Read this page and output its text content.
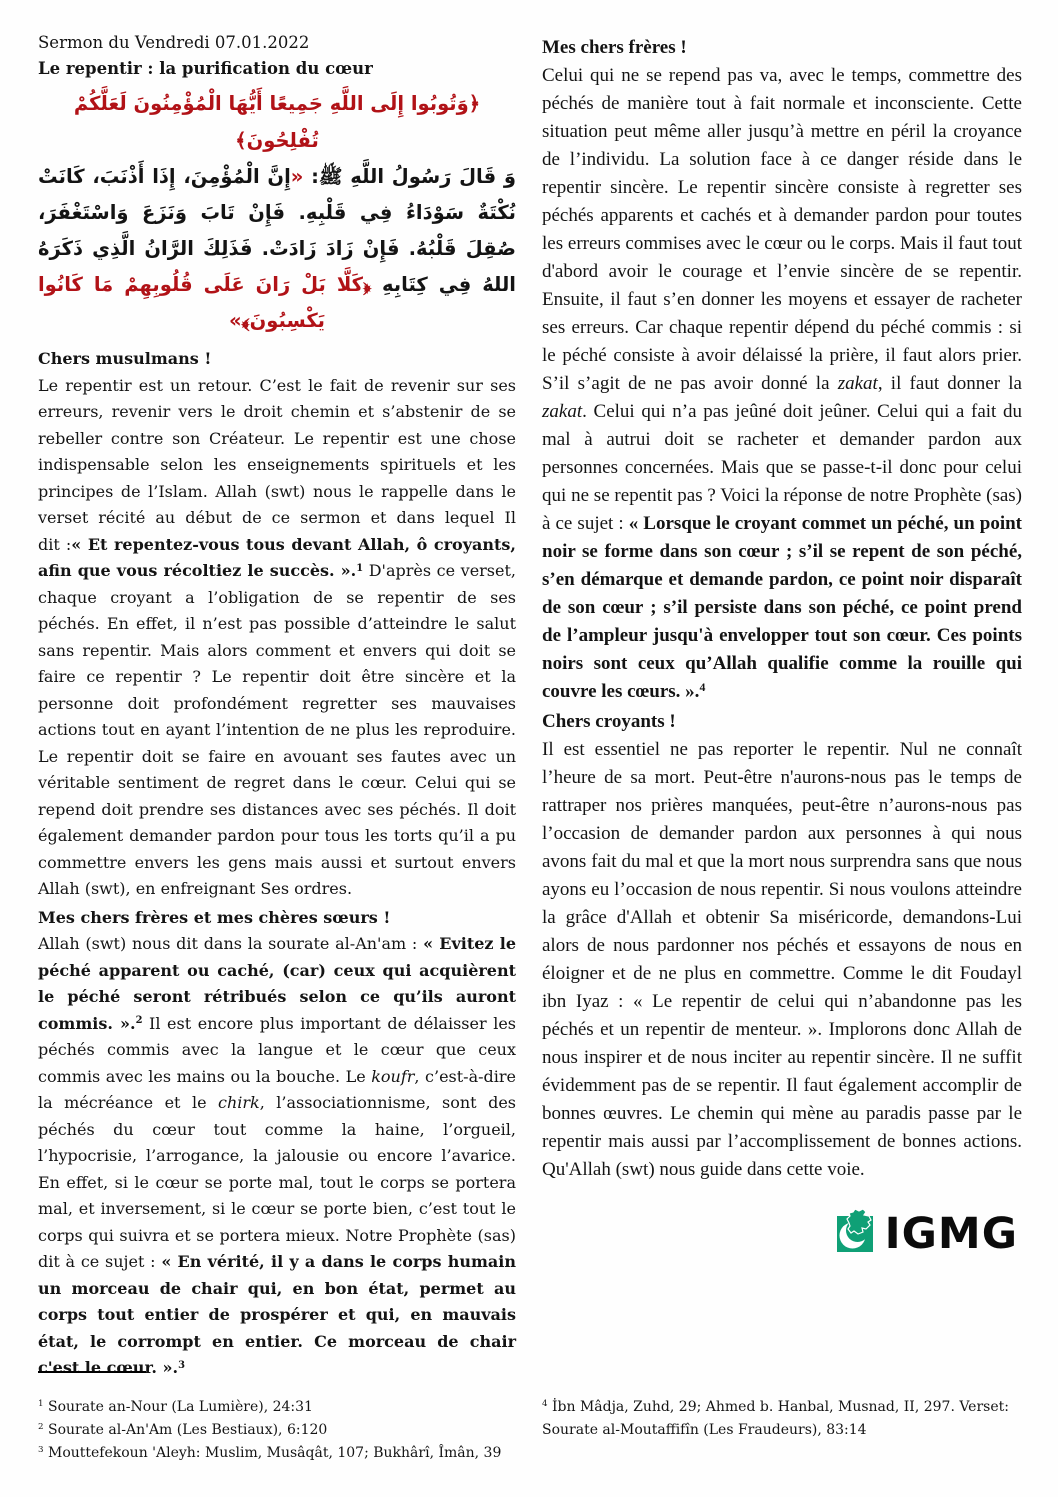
Sermon du Vendredi 07.01.2022
Le repentir : la purification du cœur
﴿وَتُوبُوا إِلَى اللَّهِ جَمِيعًا أَيُّهَا الْمُؤْمِنُونَ لَعَلَّكُمْ تُفْلِحُونَ﴾
وَ قَالَ رَسُولُ اللَّهِ ﷺ: «إِنَّ الْمُؤْمِنَ، إِذَا أَذْنَبَ، كَانَتْ نُكْتَةٌ سَوْدَاءُ فِي قَلْبِهِ. فَإِنْ تَابَ وَنَزَعَ وَاسْتَغْفَرَ، صُقِلَ قَلْبُهُ. فَإِنْ زَادَ زَادَتْ. فَذَلِكَ الرَّانُ الَّذِي ذَكَرَهُ اللهُ فِي كِتَابِهِ ﴿كَلَّا بَلْ رَانَ عَلَى قُلُوبِهِمْ مَا كَانُوا يَكْسِبُونَ﴾»
Chers musulmans !

Le repentir est un retour. C’est le fait de revenir sur ses erreurs, revenir vers le droit chemin et s’abstenir de se rebeller contre son Créateur. Le repentir est une chose indispensable selon les enseignements spirituels et les principes de l’Islam. Allah (swt) nous le rappelle dans le verset récité au début de ce sermon et dans lequel Il dit :« Et repentez-vous tous devant Allah, ô croyants, afin que vous récoltiez le succès. ».$^1$ D'après ce verset, chaque croyant a l’obligation de se repentir de ses péchés. En effet, il n’est pas possible d’atteindre le salut sans repentir. Mais alors comment et envers qui doit se faire ce repentir ? Le repentir doit être sincère et la personne doit profondément regretter ses mauvaises actions tout en ayant l’intention de ne plus les reproduire. Le repentir doit se faire en avouant ses fautes avec un véritable sentiment de regret dans le cœur. Celui qui se repend doit prendre ses distances avec ses péchés. Il doit également demander pardon pour tous les torts qu’il a pu commettre envers les gens mais aussi et surtout envers Allah (swt), en enfreignant Ses ordres.

Mes chers frères et mes chères sœurs !

Allah (swt) nous dit dans la sourate al-An'am : « Evitez le péché apparent ou caché, (car) ceux qui acquièrent le péché seront rétribués selon ce qu’ils auront commis. ».$^2$ Il est encore plus important de délaisser les péchés commis avec la langue et le cœur que ceux commis avec les mains ou la bouche. Le koufr, c’est-à-dire la mécréance et le chirk, l’associationnisme, sont des péchés du cœur tout comme la haine, l’orgueil, l’hypocrisie, l’arrogance, la jalousie ou encore l’avarice. En effet, si le cœur se porte mal, tout le corps se portera mal, et inversement, si le cœur se porte bien, c’est tout le corps qui suivra et se portera mieux. Notre Prophète (sas) dit à ce sujet : « En vérité, il y a dans le corps humain un morceau de chair qui, en bon état, permet au corps tout entier de prospérer et qui, en mauvais état, le corrompt en entier. Ce morceau de chair c'est le cœur. ».$^3$

Mes chers frères !

Celui qui ne se repend pas va, avec le temps, commettre des péchés de manière tout à fait normale et inconsciente. Cette situation peut même aller jusqu’à mettre en péril la croyance de l’individu. La solution face à ce danger réside dans le repentir sincère. Le repentir sincère consiste à regretter ses péchés apparents et cachés et à demander pardon pour toutes les erreurs commises avec le cœur ou le corps. Mais il faut tout d'abord avoir le courage et l’envie sincère de se repentir. Ensuite, il faut s’en donner les moyens et essayer de racheter ses erreurs. Car chaque repentir dépend du péché commis : si le péché consiste à avoir délaissé la prière, il faut alors prier. S’il s’agit de ne pas avoir donné la zakat, il faut donner la zakat. Celui qui n’a pas jeûné doit jeûner. Celui qui a fait du mal à autrui doit se racheter et demander pardon aux personnes concernées. Mais que se passe-t-il donc pour celui qui ne se repentit pas ? Voici la réponse de notre Prophète (sas) à ce sujet : « Lorsque le croyant commet un péché, un point noir se forme dans son cœur ; s’il se repent de son péché, s’en démarque et demande pardon, ce point noir disparaît de son cœur ; s’il persiste dans son péché, ce point prend de l’ampleur jusqu'à envelopper tout son cœur. Ces points noirs sont ceux qu’Allah qualifie comme la rouille qui couvre les cœurs. ».$^4$

Chers croyants !

Il est essentiel ne pas reporter le repentir. Nul ne connaît l’heure de sa mort. Peut-être n'aurons-nous pas le temps de rattraper nos prières manquées, peut-être n’aurons-nous pas l’occasion de demander pardon aux personnes à qui nous avons fait du mal et que la mort nous surprendra sans que nous ayons eu l’occasion de nous repentir. Si nous voulons atteindre la grâce d'Allah et obtenir Sa miséricorde, demandons-Lui alors de nous pardonner nos péchés et essayons de nous en éloigner et de ne plus en commettre. Comme le dit Foudayl ibn Iyaz : « Le repentir de celui qui n’abandonne pas les péchés et un repentir de menteur. ». Implorons donc Allah de nous inspirer et de nous inciter au repentir sincère. Il ne suffit évidemment pas de se repentir. Il faut également accomplir de bonnes œuvres. Le chemin qui mène au paradis passe par le repentir mais aussi par l’accomplissement de bonnes actions. Qu'Allah (swt) nous guide dans cette voie.

IGMG
$^1$ Sourate an-Nour (La Lumière), 24:31
$^2$ Sourate al-An'Am (Les Bestiaux), 6:120
$^3$ Mouttefekoun 'Aleyh: Muslim, Musâqât, 107; Bukhârî, Îmân, 39
$^4$ İbn Mâdja, Zuhd, 29; Ahmed b. Hanbal, Musnad, II, 297. Verset: Sourate al-Moutaffifîn (Les Fraudeurs), 83:14
